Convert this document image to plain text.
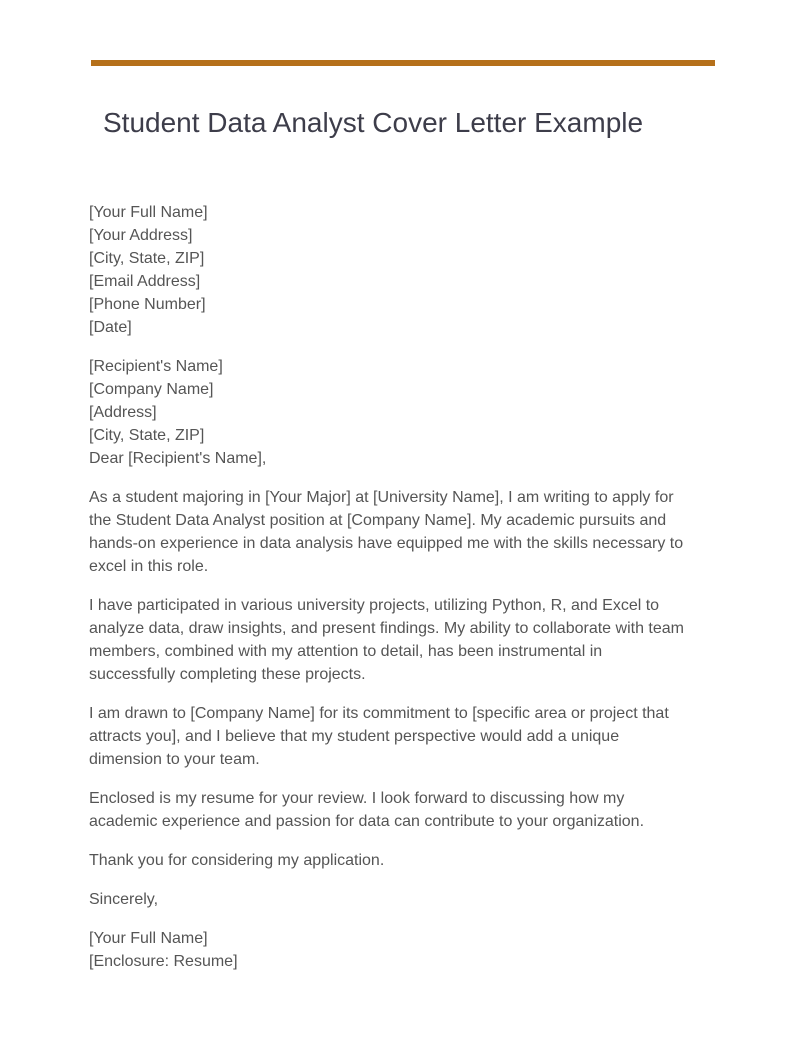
Student Data Analyst Cover Letter Example
[Your Full Name]
[Your Address]
[City, State, ZIP]
[Email Address]
[Phone Number]
[Date]
[Recipient's Name]
[Company Name]
[Address]
[City, State, ZIP]
Dear [Recipient's Name],

As a student majoring in [Your Major] at [University Name], I am writing to apply for the Student Data Analyst position at [Company Name]. My academic pursuits and hands-on experience in data analysis have equipped me with the skills necessary to excel in this role.

I have participated in various university projects, utilizing Python, R, and Excel to analyze data, draw insights, and present findings. My ability to collaborate with team members, combined with my attention to detail, has been instrumental in successfully completing these projects.

I am drawn to [Company Name] for its commitment to [specific area or project that attracts you], and I believe that my student perspective would add a unique dimension to your team.

Enclosed is my resume for your review. I look forward to discussing how my academic experience and passion for data can contribute to your organization.

Thank you for considering my application.

Sincerely,

[Your Full Name]
[Enclosure: Resume]
